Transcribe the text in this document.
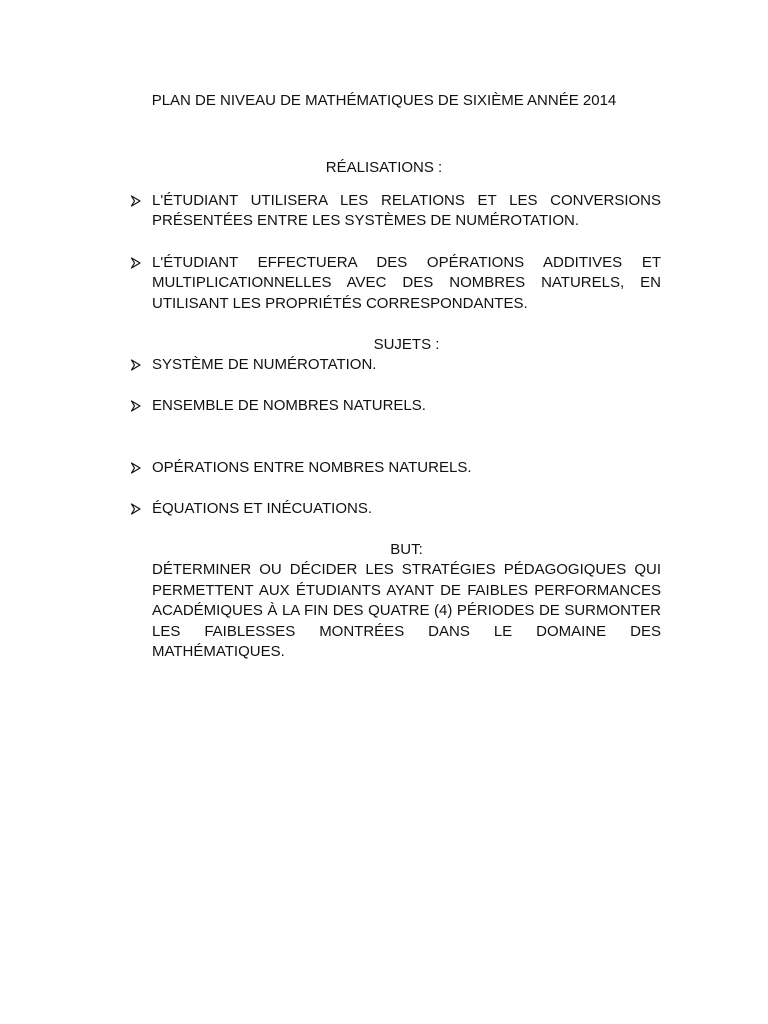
PLAN DE NIVEAU DE MATHÉMATIQUES DE SIXIÈME ANNÉE 2014
RÉALISATIONS :
L'ÉTUDIANT UTILISERA LES RELATIONS ET LES CONVERSIONS PRÉSENTÉES ENTRE LES SYSTÈMES DE NUMÉROTATION.
L'ÉTUDIANT EFFECTUERA DES OPÉRATIONS ADDITIVES ET MULTIPLICATIONNELLES AVEC DES NOMBRES NATURELS, EN UTILISANT LES PROPRIÉTÉS CORRESPONDANTES.
SUJETS :
SYSTÈME DE NUMÉROTATION.
ENSEMBLE DE NOMBRES NATURELS.
OPÉRATIONS ENTRE NOMBRES NATURELS.
ÉQUATIONS ET INÉCUATIONS.
BUT:
DÉTERMINER OU DÉCIDER LES STRATÉGIES PÉDAGOGIQUES QUI PERMETTENT AUX ÉTUDIANTS AYANT DE FAIBLES PERFORMANCES ACADÉMIQUES À LA FIN DES QUATRE (4) PÉRIODES DE SURMONTER LES FAIBLESSES MONTRÉES DANS LE DOMAINE DES MATHÉMATIQUES.
